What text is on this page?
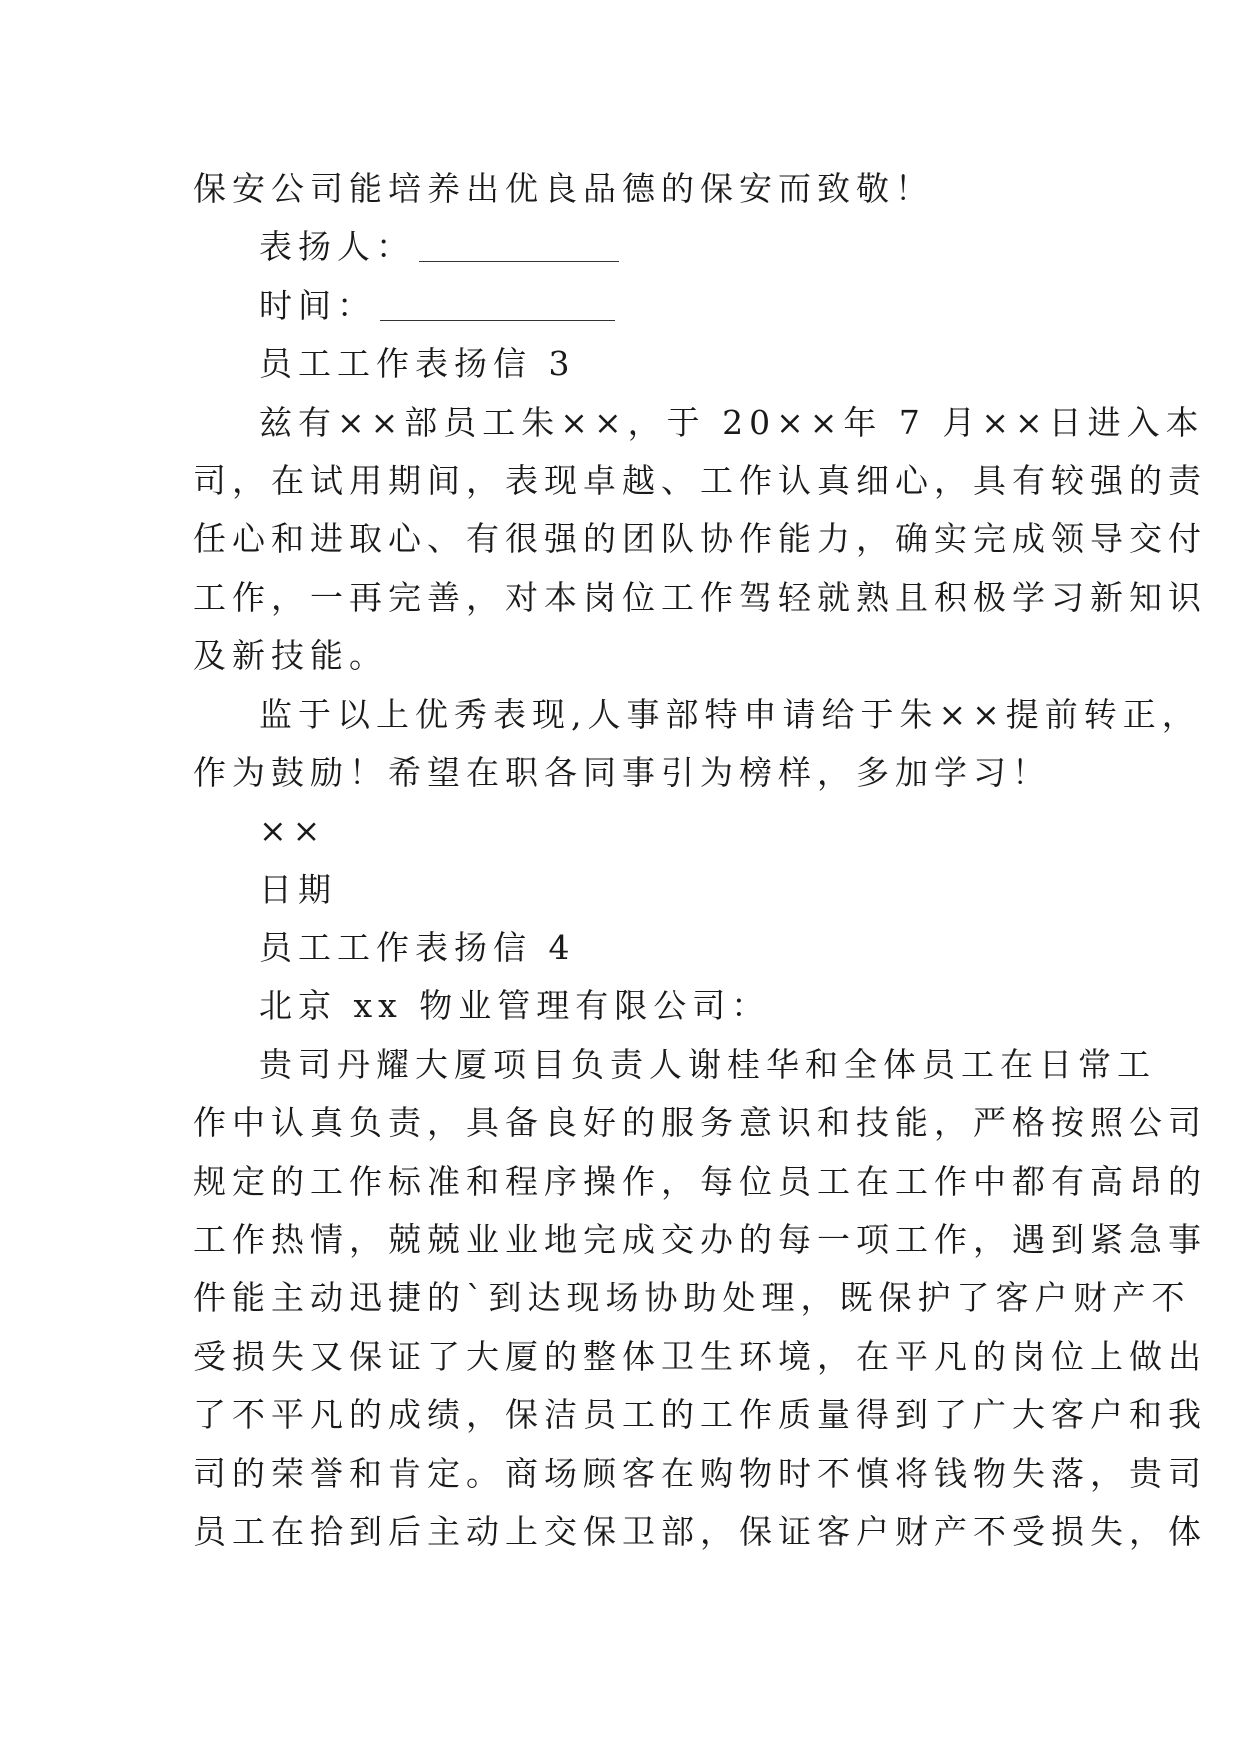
保安公司能培养出优良品德的保安而致敬！
表扬人：
时间：
员工工作表扬信 3
兹有××部员工朱××，于 20××年 7 月××日进入本
司，在试用期间，表现卓越、工作认真细心，具有较强的责
任心和进取心、有很强的团队协作能力，确实完成领导交付
工作，一再完善，对本岗位工作驾轻就熟且积极学习新知识
及新技能。
监于以上优秀表现,人事部特申请给于朱××提前转正，
作为鼓励！希望在职各同事引为榜样，多加学习！
××
日期
员工工作表扬信 4
北京 xx 物业管理有限公司：
贵司丹耀大厦项目负责人谢桂华和全体员工在日常工
作中认真负责，具备良好的服务意识和技能，严格按照公司
规定的工作标准和程序操作，每位员工在工作中都有高昂的
工作热情，兢兢业业地完成交办的每一项工作，遇到紧急事
件能主动迅捷的`到达现场协助处理，既保护了客户财产不
受损失又保证了大厦的整体卫生环境，在平凡的岗位上做出
了不平凡的成绩，保洁员工的工作质量得到了广大客户和我
司的荣誉和肯定。商场顾客在购物时不慎将钱物失落，贵司
员工在拾到后主动上交保卫部，保证客户财产不受损失，体
